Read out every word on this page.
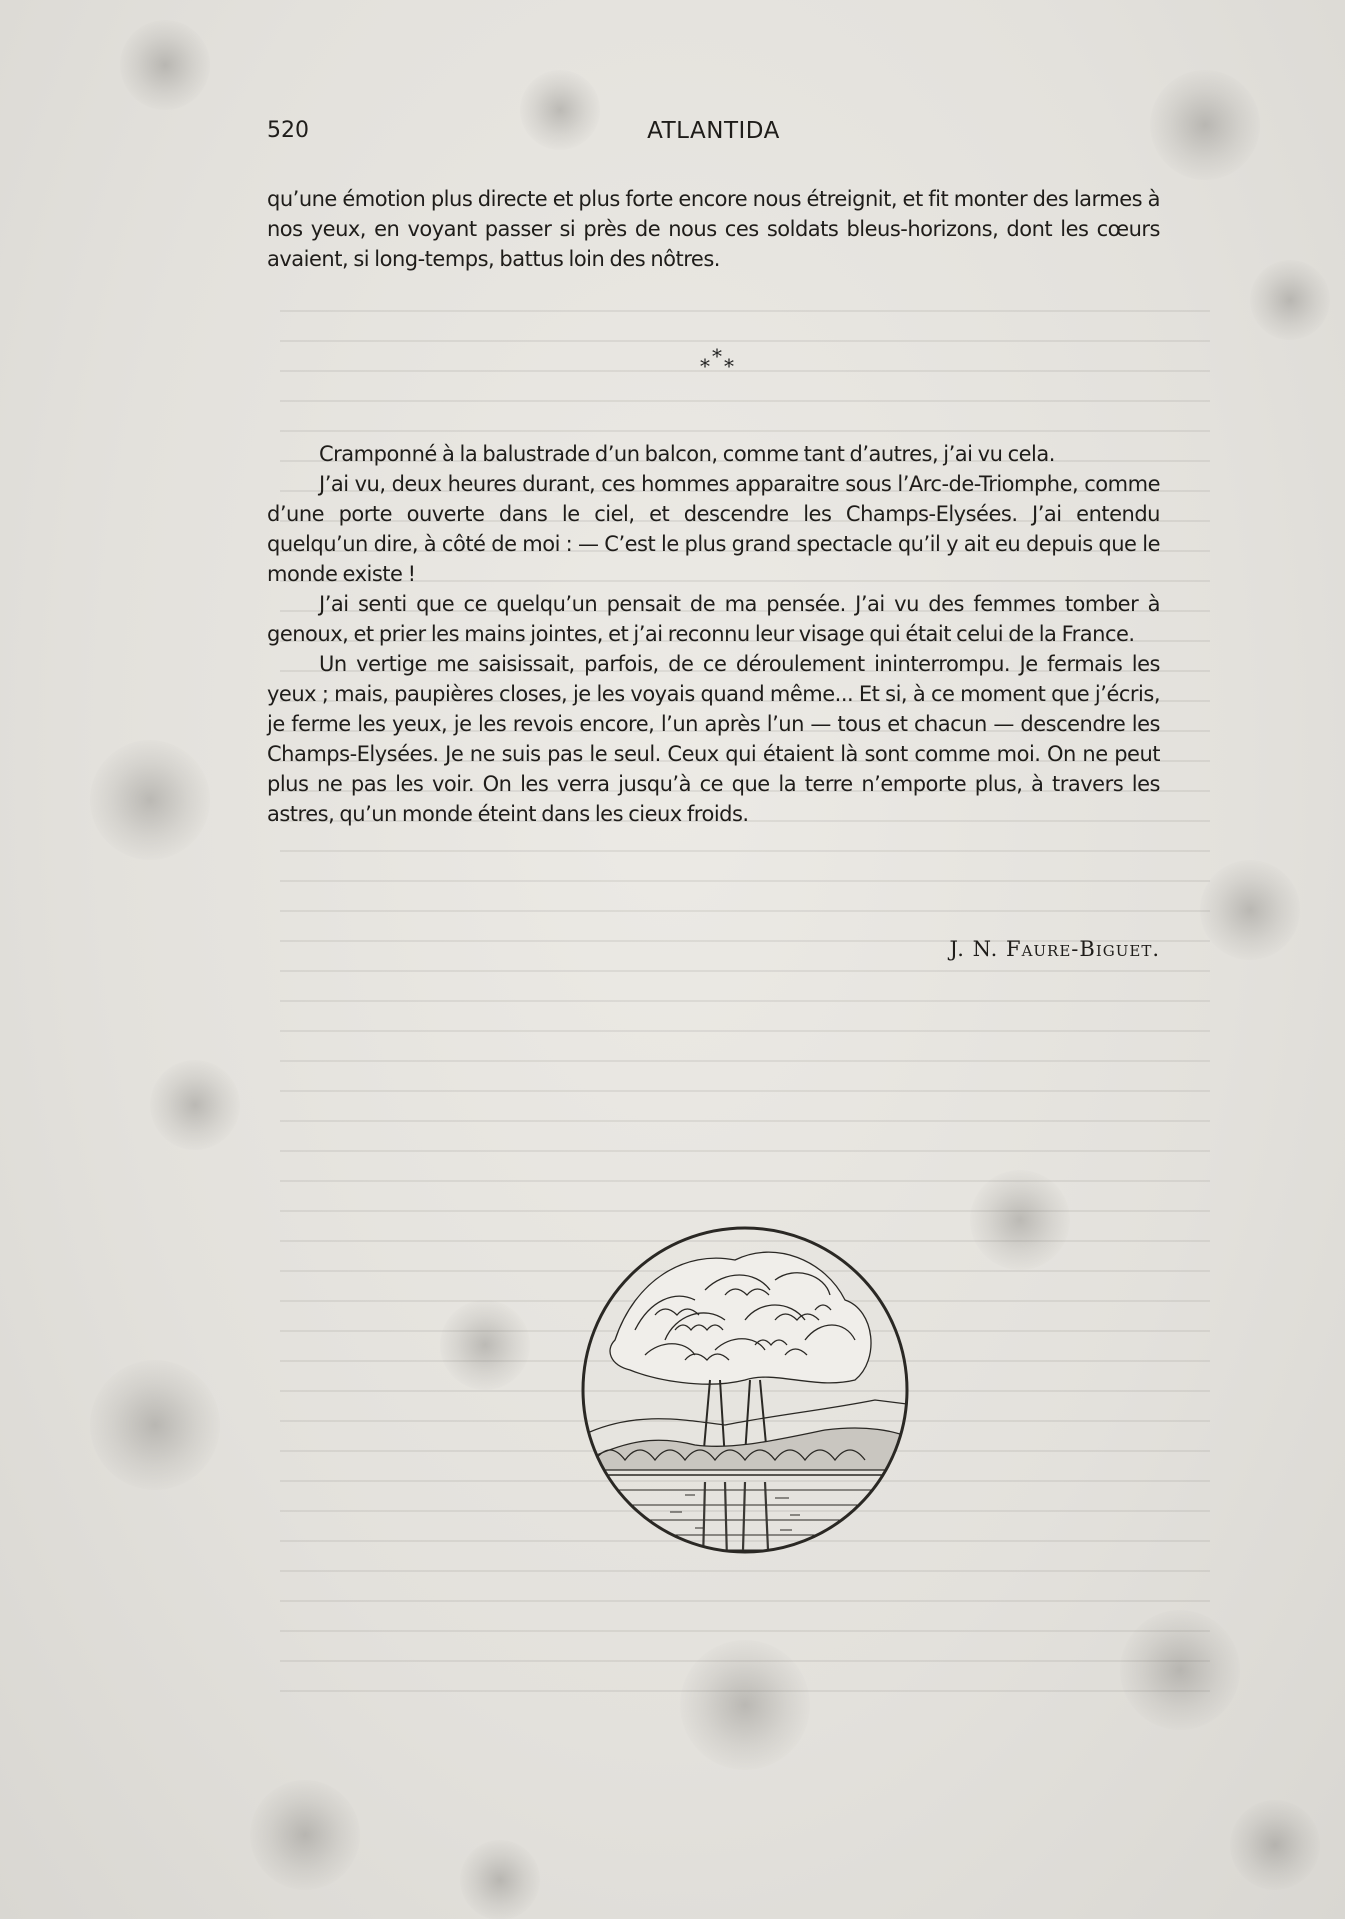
520	ATLANTIDA

qu’une émotion plus directe et plus forte encore nous étreignit, et fit monter des larmes à nos yeux, en voyant passer si près de nous ces soldats bleus-horizons, dont les cœurs avaient, si long-temps, battus loin des nôtres.

* * *

Cramponné à la balustrade d’un balcon, comme tant d’autres, j’ai vu cela.

J’ai vu, deux heures durant, ces hommes apparaitre sous l’Arc-de-Triomphe, comme d’une porte ouverte dans le ciel, et descendre les Champs-Elysées. J’ai entendu quelqu’un dire, à côté de moi : — C’est le plus grand spectacle qu’il y ait eu depuis que le monde existe !

J’ai senti que ce quelqu’un pensait de ma pensée. J’ai vu des femmes tomber à genoux, et prier les mains jointes, et j’ai reconnu leur visage qui était celui de la France.

Un vertige me saisissait, parfois, de ce déroulement ininterrompu. Je fermais les yeux ; mais, paupières closes, je les voyais quand même... Et si, à ce moment que j’écris, je ferme les yeux, je les revois encore, l’un après l’un — tous et chacun — descendre les Champs-Elysées. Je ne suis pas le seul. Ceux qui étaient là sont comme moi. On ne peut plus ne pas les voir. On les verra jusqu’à ce que la terre n’emporte plus, à travers les astres, qu’un monde éteint dans les cieux froids.

J. N. Faure-Biguet.
